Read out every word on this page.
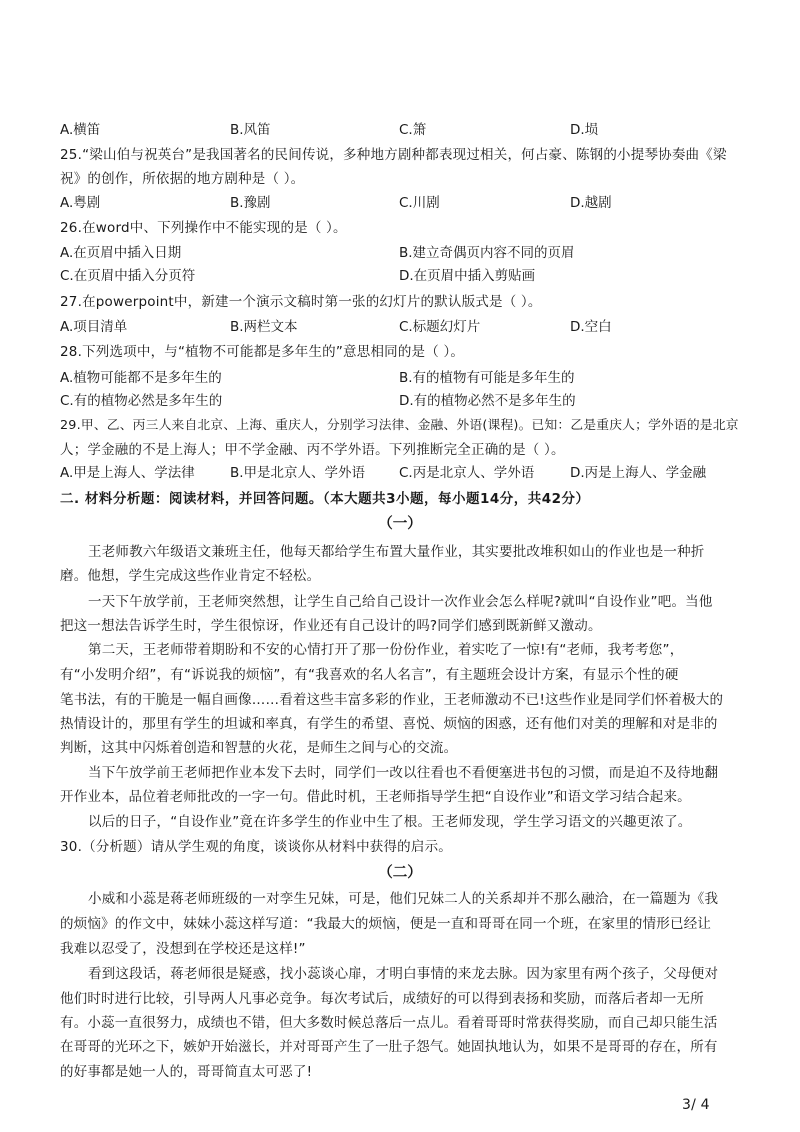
A.横笛	B.风笛	C.箫	D.埙
25.“梁山伯与祝英台”是我国著名的民间传说，多种地方剧种都表现过相关，何占豪、陈钢的小提琴协奏曲《梁
祝》的创作，所依据的地方剧种是（ ）。
A.粤剧	B.豫剧	C.川剧	D.越剧
26.在word中、下列操作中不能实现的是（ ）。
A.在页眉中插入日期	B.建立奇偶页内容不同的页眉
C.在页眉中插入分页符	D.在页眉中插入剪贴画
27.在powerpoint中，新建一个演示文稿时第一张的幻灯片的默认版式是（ ）。
A.项目清单	B.两栏文本	C.标题幻灯片	D.空白
28.下列选项中，与“植物不可能都是多年生的”意思相同的是（ ）。
A.植物可能都不是多年生的	B.有的植物有可能是多年生的
C.有的植物必然是多年生的	D.有的植物必然不是多年生的
29.甲、乙、丙三人来自北京、上海、重庆人，分别学习法律、金融、外语(课程)。已知：乙是重庆人；学外语的是北京
人；学金融的不是上海人；甲不学金融、丙不学外语。下列推断完全正确的是（ ）。
A.甲是上海人、学法律	B.甲是北京人、学外语	C.丙是北京人、学外语	D.丙是上海人、学金融
二. 材料分析题：阅读材料，并回答问题。（本大题共3小题，每小题14分，共42分）
（一）
王老师教六年级语文兼班主任，他每天都给学生布置大量作业，其实要批改堆积如山的作业也是一种折
磨。他想，学生完成这些作业肯定不轻松。
一天下午放学前，王老师突然想，让学生自己给自己设计一次作业会怎么样呢?就叫“自设作业”吧。当他
把这一想法告诉学生时，学生很惊讶，作业还有自己设计的吗?同学们感到既新鲜又激动。
第二天，王老师带着期盼和不安的心情打开了那一份份作业，着实吃了一惊!有“老师，我考考您”，
有“小发明介绍”，有“诉说我的烦恼”，有“我喜欢的名人名言”，有主题班会设计方案，有显示个性的硬
笔书法，有的干脆是一幅自画像……看着这些丰富多彩的作业，王老师激动不已!这些作业是同学们怀着极大的
热情设计的，那里有学生的坦诚和率真，有学生的希望、喜悦、烦恼的困惑，还有他们对美的理解和对是非的
判断，这其中闪烁着创造和智慧的火花，是师生之间与心的交流。
当下午放学前王老师把作业本发下去时，同学们一改以往看也不看便塞进书包的习惯，而是迫不及待地翻
开作业本，品位着老师批改的一字一句。借此时机，王老师指导学生把“自设作业”和语文学习结合起来。
以后的日子，“自设作业”竟在许多学生的作业中生了根。王老师发现，学生学习语文的兴趣更浓了。
30.（分析题）请从学生观的角度，谈谈你从材料中获得的启示。
（二）
小威和小蕊是蒋老师班级的一对孪生兄妹，可是，他们兄妹二人的关系却并不那么融洽，在一篇题为《我
的烦恼》的作文中，妹妹小蕊这样写道：“我最大的烦恼，便是一直和哥哥在同一个班，在家里的情形已经让
我难以忍受了，没想到在学校还是这样!”
看到这段话，蒋老师很是疑惑，找小蕊谈心扉，才明白事情的来龙去脉。因为家里有两个孩子，父母便对
他们时时进行比较，引导两人凡事必竞争。每次考试后，成绩好的可以得到表扬和奖励，而落后者却一无所
有。小蕊一直很努力，成绩也不错，但大多数时候总落后一点儿。看着哥哥时常获得奖励，而自己却只能生活
在哥哥的光环之下，嫉妒开始滋长，并对哥哥产生了一肚子怨气。她固执地认为，如果不是哥哥的存在，所有
的好事都是她一人的，哥哥简直太可恶了!
3/ 4
